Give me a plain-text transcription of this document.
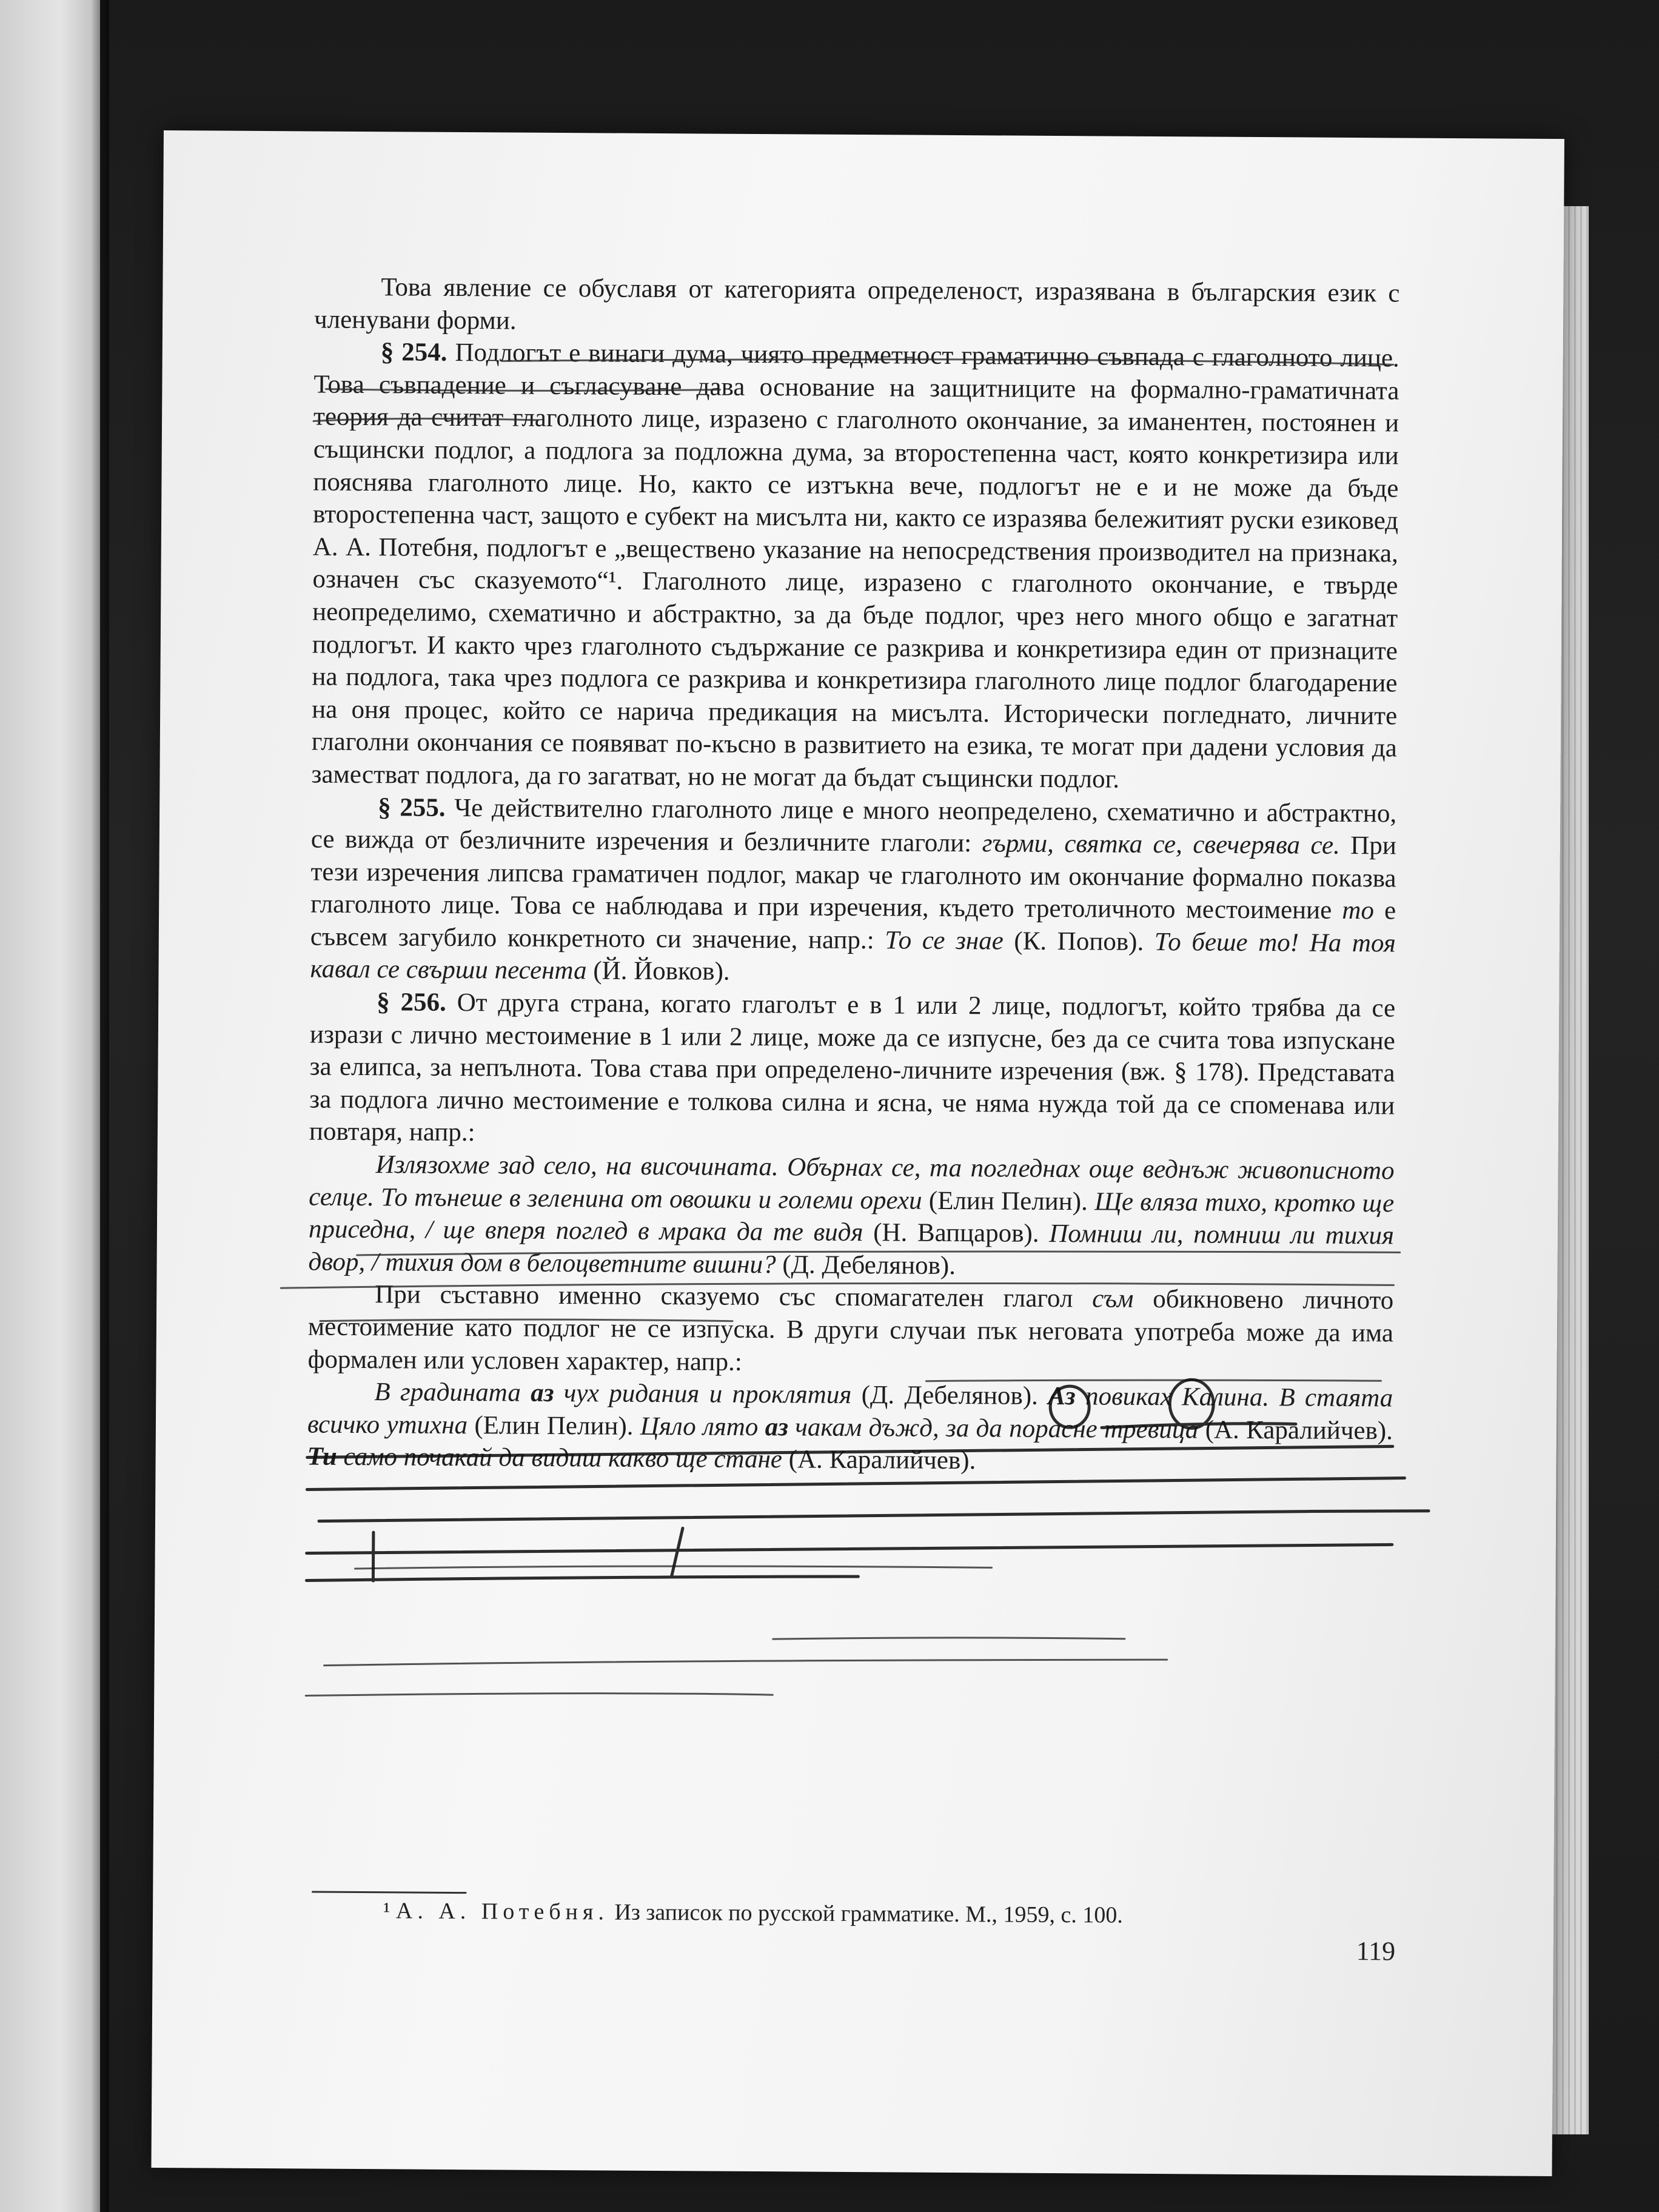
Това явление се обуславя от категорията определеност, изразявана в българския език с членувани форми.

§ 254. Подлогът е винаги дума, чиято предметност граматично съвпада с глаголното лице. Това съвпадение и съгласуване дава основание на защитниците на формално-граматичната теория да считат глаголното лице, изразено с глаголното окончание, за иманентен, постоянен и същински подлог, а подлога за подложна дума, за второстепенна част, която конкретизира или пояснява глаголното лице. Но, както се изтъкна вече, подлогът не е и не може да бъде второстепенна част, защото е субект на мисълта ни, както се изразява бележитият руски езиковед А. А. Потебня, подлогът е „веществено указание на непосредствения производител на признака, означен със сказуемото“¹. Глаголното лице, изразено с глаголното окончание, е твърде неопределимо, схематично и абстрактно, за да бъде подлог, чрез него много общо е загатнат подлогът. И както чрез глаголното съдържание се разкрива и конкретизира един от признаците на подлога, така чрез подлога се разкрива и конкретизира глаголното лице подлог благодарение на оня процес, който се нарича предикация на мисълта. Исторически погледнато, личните глаголни окончания се появяват по-късно в развитието на езика, те могат при дадени условия да заместват подлога, да го загатват, но не могат да бъдат същински подлог.

§ 255. Че действително глаголното лице е много неопределено, схематично и абстрактно, се вижда от безличните изречения и безличните глаголи: гърми, святка се, свечерява се. При тези изречения липсва граматичен подлог, макар че глаголното им окончание формално показва глаголното лице. Това се наблюдава и при изречения, където третоличното местоимение то е съвсем загубило конкретното си значение, напр.: То се знае (К. Попов). То беше то! На тоя кавал се свърши песента (Й. Йовков).

§ 256. От друга страна, когато глаголът е в 1 или 2 лице, подлогът, който трябва да се изрази с лично местоимение в 1 или 2 лице, може да се изпусне, без да се счита това изпускане за елипса, за непълнота. Това става при определено-личните изречения (вж. § 178). Представата за подлога лично местоимение е толкова силна и ясна, че няма нужда той да се споменава или повтаря, напр.:

Излязохме зад село, на височината. Обърнах се, та погледнах още веднъж живописното селце. То тънеше в зеленина от овошки и големи орехи (Елин Пелин). Ще вляза тихо, кротко ще приседна, / ще вперя поглед в мрака да те видя (Н. Вапцаров). Помниш ли, помниш ли тихия двор, / тихия дом в белоцветните вишни? (Д. Дебелянов).

При съставно именно сказуемо със спомагателен глагол съм обикновено личното местоимение като подлог не се изпуска. В други случаи пък неговата употреба може да има формален или условен характер, напр.:

В градината аз чух ридания и проклятия (Д. Дебелянов). Аз повиках Калина. В стаята всичко утихна (Елин Пелин). Цяло лято аз чакам дъжд, за да порасне тревица (А. Каралийчев). Ти само почакай да видиш какво ще стане (А. Каралийчев).

¹ А. А. Потебня. Из записок по русской грамматике. М., 1959, с. 100.
119
